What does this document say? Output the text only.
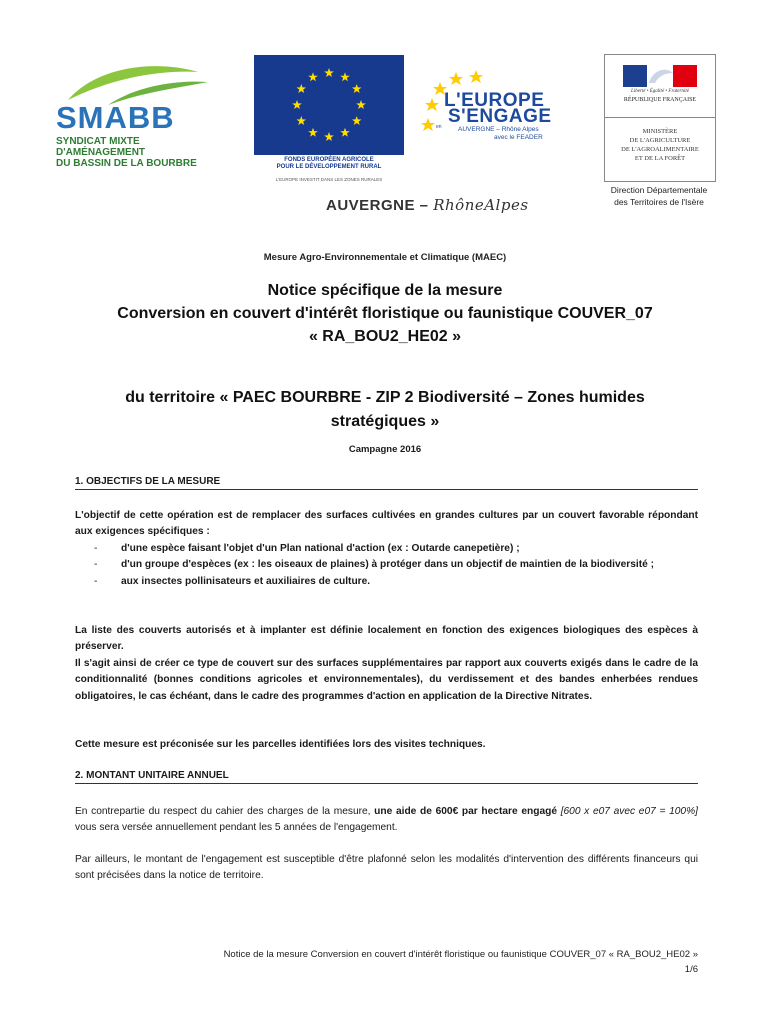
SMABB
SYNDICAT MIXTE D'AMÉNAGEMENT
DU BASSIN DE LA BOURBRE	FONDS EUROPÉEN AGRICOLE
POUR LE DÉVELOPPEMENT RURAL
L'EUROPE INVESTIT DANS LES ZONES RURALES
L'EUROPE
S'ENGAGE
en	AUVERGNE – Rhône Alpes
avec le FEADER
AUVERGNE – RhôneAlpes
Liberté • Égalité • Fraternité
RÉPUBLIQUE FRANÇAISE
MINISTÈRE
DE L'AGRICULTURE
DE L'AGROALIMENTAIRE
ET DE LA FORÊT
Direction Départementale
des Territoires de l'Isère
Mesure Agro-Environnementale et Climatique (MAEC)
Notice spécifique de la mesure
Conversion en couvert d'intérêt floristique ou faunistique COUVER_07
« RA_BOU2_HE02 »
du territoire « PAEC BOURBRE - ZIP 2 Biodiversité – Zones humides stratégiques »
Campagne 2016
1. OBJECTIFS DE LA MESURE
L'objectif de cette opération est de remplacer des surfaces cultivées en grandes cultures par un couvert favorable répondant aux exigences spécifiques :
- d'une espèce faisant l'objet d'un Plan national d'action (ex : Outarde canepetière) ;
- d'un groupe d'espèces (ex : les oiseaux de plaines) à protéger dans un objectif de maintien de la biodiversité ;
- aux insectes pollinisateurs et auxiliaires de culture.
La liste des couverts autorisés et à implanter est définie localement en fonction des exigences biologiques des espèces à préserver.
Il s'agit ainsi de créer ce type de couvert sur des surfaces supplémentaires par rapport aux couverts exigés dans le cadre de la conditionnalité (bonnes conditions agricoles et environnementales), du verdissement et des bandes enherbées rendues obligatoires, le cas échéant, dans le cadre des programmes d'action en application de la Directive Nitrates.
Cette mesure est préconisée sur les parcelles identifiées lors des visites techniques.
2. MONTANT UNITAIRE ANNUEL
En contrepartie du respect du cahier des charges de la mesure, une aide de 600€ par hectare engagé [600 x e07 avec e07 = 100%] vous sera versée annuellement pendant les 5 années de l'engagement.
Par ailleurs, le montant de l'engagement est susceptible d'être plafonné selon les modalités d'intervention des différents financeurs qui sont précisées dans la notice de territoire.
Notice de la mesure Conversion en couvert d'intérêt floristique ou faunistique COUVER_07 « RA_BOU2_HE02 »
1/6
